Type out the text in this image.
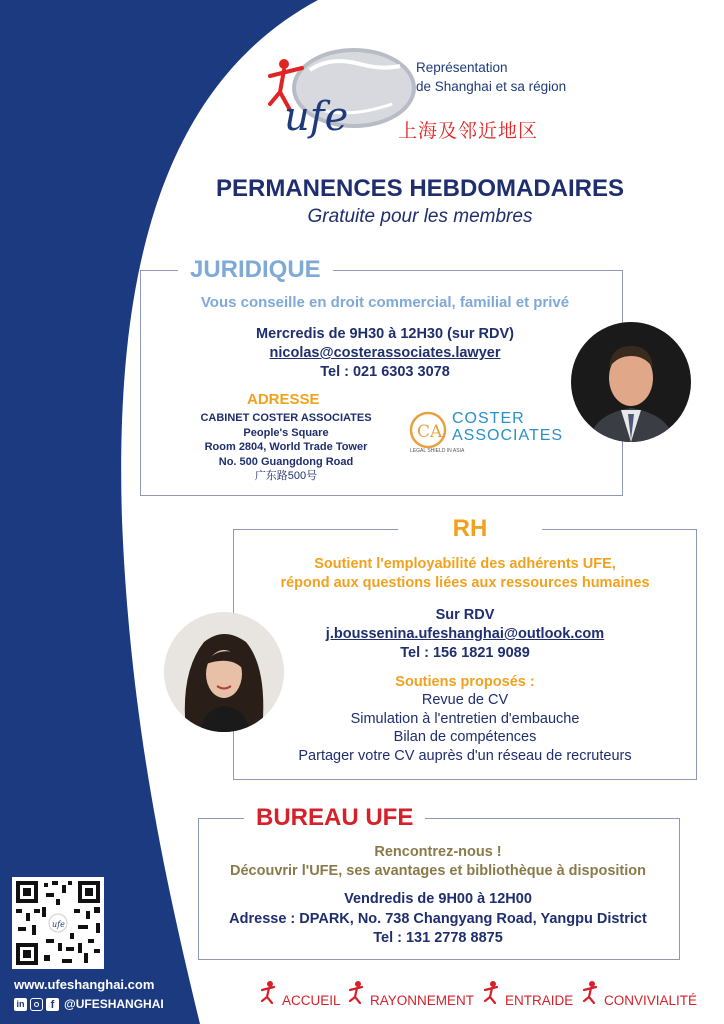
ufe
Représentation
de Shanghai et sa région
上海及邻近地区
PERMANENCES HEBDOMADAIRES
Gratuite pour les membres
JURIDIQUE
Vous conseille en droit commercial, familial et privé
Mercredis de 9H30 à 12H30 (sur RDV)
nicolas@costerassociates.lawyer
Tel : 021 6303 3078
ADRESSE
CABINET COSTER ASSOCIATES
People's Square
Room 2804, World Trade Tower
No. 500 Guangdong Road
广东路500号
CA
COSTER
ASSOCIATES
LEGAL SHIELD IN ASIA
RH
Soutient l'employabilité des adhérents UFE,
répond aux questions liées aux ressources humaines
Sur RDV
j.boussenina.ufeshanghai@outlook.com
Tel : 156 1821 9089
Soutiens proposés :
Revue de CV
Simulation à l'entretien d'embauche
Bilan de compétences
Partager votre CV auprès d'un réseau de recruteurs
BUREAU UFE
Rencontrez-nous !
Découvrir l'UFE, ses avantages et bibliothèque à disposition
Vendredis de 9H00 à 12H00
Adresse : DPARK, No. 738 Changyang Road, Yangpu District
Tel : 131 2778 8875
ufe
www.ufeshanghai.com
in	f @UFESHANGHAI	ACCUEIL RAYONNEMENT ENTRAIDE CONVIVIALITÉ
